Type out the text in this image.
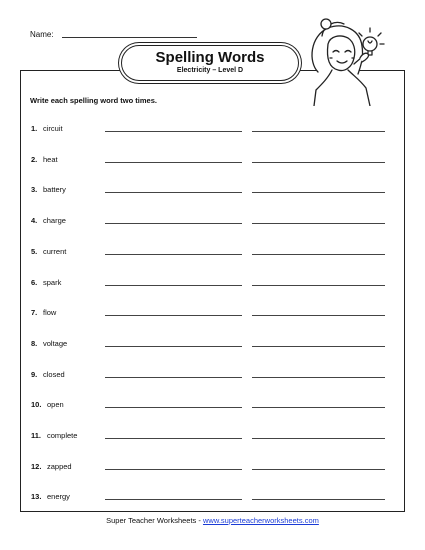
Name:
Spelling Words
Electricity – Level D
Write each spelling word two times.
1. circuit
2. heat
3. battery
4. charge
5. current
6. spark
7. flow
8. voltage
9. closed
10. open
11. complete
12. zapped
13. energy
Super Teacher Worksheets - www.superteacherworksheets.com
